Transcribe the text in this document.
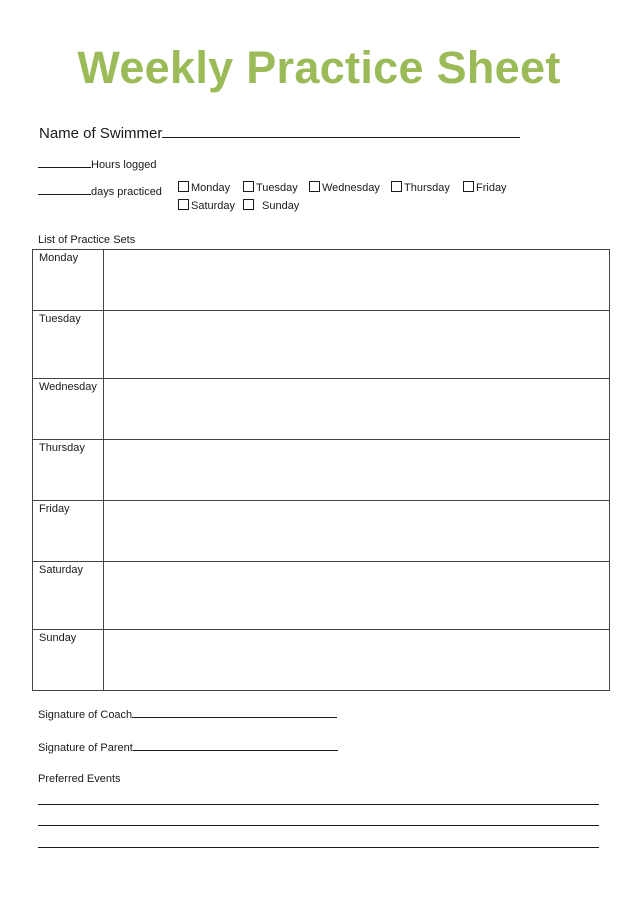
Weekly Practice Sheet
Name of Swimmer
Hours logged
days practiced	Monday	Tuesday	Wednesday	Thursday	Friday
Saturday	Sunday
List of Practice Sets
Monday	
Tuesday	
Wednesday	
Thursday	
Friday	
Saturday	
Sunday	
Signature of Coach
Signature of Parent
Preferred Events
